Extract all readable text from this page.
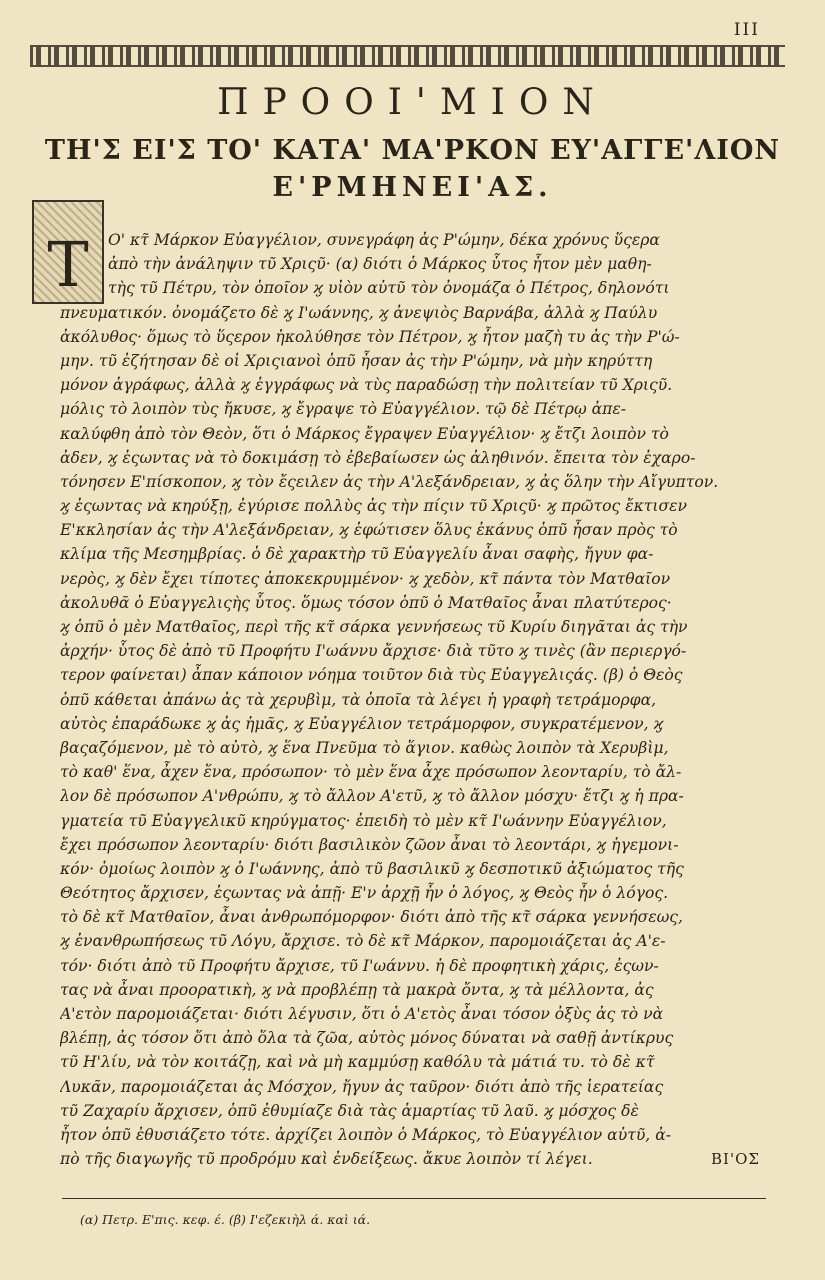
III
ΠΡΟΟΙ'ΜΙΟΝ
ΤΗ'Σ ΕΙ'Σ ΤΟ' ΚΑΤΑ' ΜΑ'ΡΚΟΝ ΕΥ'ΑΓΓΕ'ΛΙΟΝ
Ε'ΡΜΗΝΕΙ'ΑΣ.
Τ	Ο' κτ̃ Μάρκον Εὐαγγέλιον, συνεγράφη ἀς Ρ'ώμην, δέκα χρόνυς ὕςερα
ἀπὸ τὴν ἀνάληψιν τῦ Χριςῦ· (α) διότι ὁ Μάρκος ὗτος ἦτον μὲν μαθη-
τὴς τῦ Πέτρυ, τὸν ὁποῖον ϗ υἱὸν αὐτῦ τὸν ὀνομάζα ὁ Πέτρος, δηλονότι
πνευματικόν. ὀνομάζετο δὲ ϗ Ι'ωάννης, ϗ ἀνεψιὸς Βαρνάβα, ἀλλὰ ϗ Παύλυ
ἀκόλυθος· ὅμως τὸ ὕςερον ἠκολύθησε τὸν Πέτρον, ϗ ἦτον μαζὴ τυ ἀς τὴν Ρ'ώ-
μην. τῦ ἐζήτησαν δὲ οἱ Χριςιανοὶ ὁπῦ ἦσαν ἀς τὴν Ρ'ώμην, νὰ μὴν κηρύττη
μόνον ἀγράφως, ἀλλὰ ϗ ἐγγράφως νὰ τὺς παραδώσῃ τὴν πολιτείαν τῦ Χριςῦ.
μόλις τὸ λοιπὸν τὺς ἤκυσε, ϗ ἔγραψε τὸ Εὐαγγέλιον. τῷ δὲ Πέτρῳ ἀπε-
καλύφθη ἀπὸ τὸν Θεὸν, ὅτι ὁ Μάρκος ἔγραψεν Εὐαγγέλιον· ϗ ἔτζι λοιπὸν τὸ
ἀδεν, ϗ ἐςωντας νὰ τὸ δοκιμάσῃ τὸ ἐβεβαίωσεν ὡς ἀληθινόν. ἔπειτα τὸν ἐχαρο-
τόνησεν Ε'πίσκοπον, ϗ τὸν ἔςειλεν ἀς τὴν Α'λεξάνδρειαν, ϗ ἀς ὅλην τὴν Αἴγυπτον.
ϗ ἐςωντας νὰ κηρύξῃ, ἐγύρισε πολλὺς ἀς τὴν πίςιν τῦ Χριςῦ· ϗ πρῶτος ἔκτισεν
Ε'κκλησίαν ἀς τὴν Α'λεξάνδρειαν, ϗ ἐφώτισεν ὅλυς ἐκάνυς ὁπῦ ἦσαν πρὸς τὸ
κλίμα τῆς Μεσημβρίας. ὁ δὲ χαρακτὴρ τῦ Εὐαγγελίυ ἆναι σαφὴς, ἤγυν φα-
νερὸς, ϗ δὲν ἔχει τίποτες ἀποκεκρυμμένον· ϗ χεδὸν, κτ̃ πάντα τὸν Ματθαῖον
ἀκολυθᾶ ὁ Εὐαγγελιςὴς ὗτος. ὅμως τόσον ὁπῦ ὁ Ματθαῖος ἆναι πλατύτερος·
ϗ ὁπῦ ὁ μὲν Ματθαῖος, περὶ τῆς κτ̃ σάρκα γεννήσεως τῦ Κυρίυ διηγᾶται ἀς τὴν
ἀρχήν· ὗτος δὲ ἀπὸ τῦ Προφήτυ Ι'ωάννυ ἄρχισε· διὰ τῦτο ϗ τινὲς (ἂν περιεργό-
τερον φαίνεται) ἆπαν κάποιον νόημα τοιῦτον διὰ τὺς Εὐαγγελιςάς. (β) ὁ Θεὸς
ὁπῦ κάθεται ἀπάνω ἀς τὰ χερυβὶμ, τὰ ὁποῖα τὰ λέγει ἡ γραφὴ τετράμορφα,
αὐτὸς ἐπαράδωκε ϗ ἀς ἡμᾶς, ϗ Εὐαγγέλιον τετράμορφον, συγκρατέμενον, ϗ
βαςαζόμενον, μὲ τὸ αὐτὸ, ϗ ἕνα Πνεῦμα τὸ ἅγιον. καθὼς λοιπὸν τὰ Χερυβὶμ,
τὸ καθ' ἕνα, ἆχεν ἕνα, πρόσωπον· τὸ μὲν ἕνα ἆχε πρόσωπον λεονταρίυ, τὸ ἄλ-
λον δὲ πρόσωπον Α'νθρώπυ, ϗ τὸ ἄλλον Α'ετῦ, ϗ τὸ ἄλλον μόσχυ· ἔτζι ϗ ἡ πρα-
γματεία τῦ Εὐαγγελικῦ κηρύγματος· ἐπειδὴ τὸ μὲν κτ̃ Ι'ωάννην Εὐαγγέλιον,
ἔχει πρόσωπον λεονταρίυ· διότι βασιλικὸν ζῶον ἆναι τὸ λεοντάρι, ϗ ἡγεμονι-
κόν· ὁμοίως λοιπὸν ϗ ὁ Ι'ωάννης, ἀπὸ τῦ βασιλικῦ ϗ δεσποτικῦ ἀξιώματος τῆς
Θεότητος ἄρχισεν, ἐςωντας νὰ ἀπῇ· Ε'ν ἀρχῇ ἦν ὁ λόγος, ϗ Θεὸς ἦν ὁ λόγος.
τὸ δὲ κτ̃ Ματθαῖον, ἆναι ἀνθρωπόμορφον· διότι ἀπὸ τῆς κτ̃ σάρκα γεννήσεως,
ϗ ἐνανθρωπήσεως τῦ Λόγυ, ἄρχισε. τὸ δὲ κτ̃ Μάρκον, παρομοιάζεται ἀς Α'ε-
τόν· διότι ἀπὸ τῦ Προφήτυ ἄρχισε, τῦ Ι'ωάννυ. ἡ δὲ προφητικὴ χάρις, ἐςων-
τας νὰ ἆναι προορατικὴ, ϗ νὰ προβλέπῃ τὰ μακρὰ ὄντα, ϗ τὰ μέλλοντα, ἀς
Α'ετὸν παρομοιάζεται· διότι λέγυσιν, ὅτι ὁ Α'ετὸς ἆναι τόσον ὀξὺς ἀς τὸ νὰ
βλέπῃ, ἀς τόσον ὅτι ἀπὸ ὅλα τὰ ζῶα, αὐτὸς μόνος δύναται νὰ σαθῇ ἀντίκρυς
τῦ Η'λίυ, νὰ τὸν κοιτάζῃ, καὶ νὰ μὴ καμμύσῃ καθόλυ τὰ μάτιά τυ. τὸ δὲ κτ̃
Λυκᾶν, παρομοιάζεται ἀς Μόσχον, ἤγυν ἀς ταῦρον· διότι ἀπὸ τῆς ἱερατείας
τῦ Ζαχαρίυ ἄρχισεν, ὁπῦ ἐθυμίαζε διὰ τὰς ἁμαρτίας τῦ λαῦ. ϗ μόσχος δὲ
ἦτον ὁπῦ ἐθυσιάζετο τότε. ἀρχίζει λοιπὸν ὁ Μάρκος, τὸ Εὐαγγέλιον αὐτῦ, ἀ-
πὸ τῆς διαγωγῆς τῦ προδρόμυ καὶ ἐνδείξεως. ἄκυε λοιπὸν τί λέγει.	ΒΙ'ΟΣ
(α) Πετρ. Ε'πις. κεφ. έ. (β) Ι'εζεκιὴλ ά. καὶ ιά.
